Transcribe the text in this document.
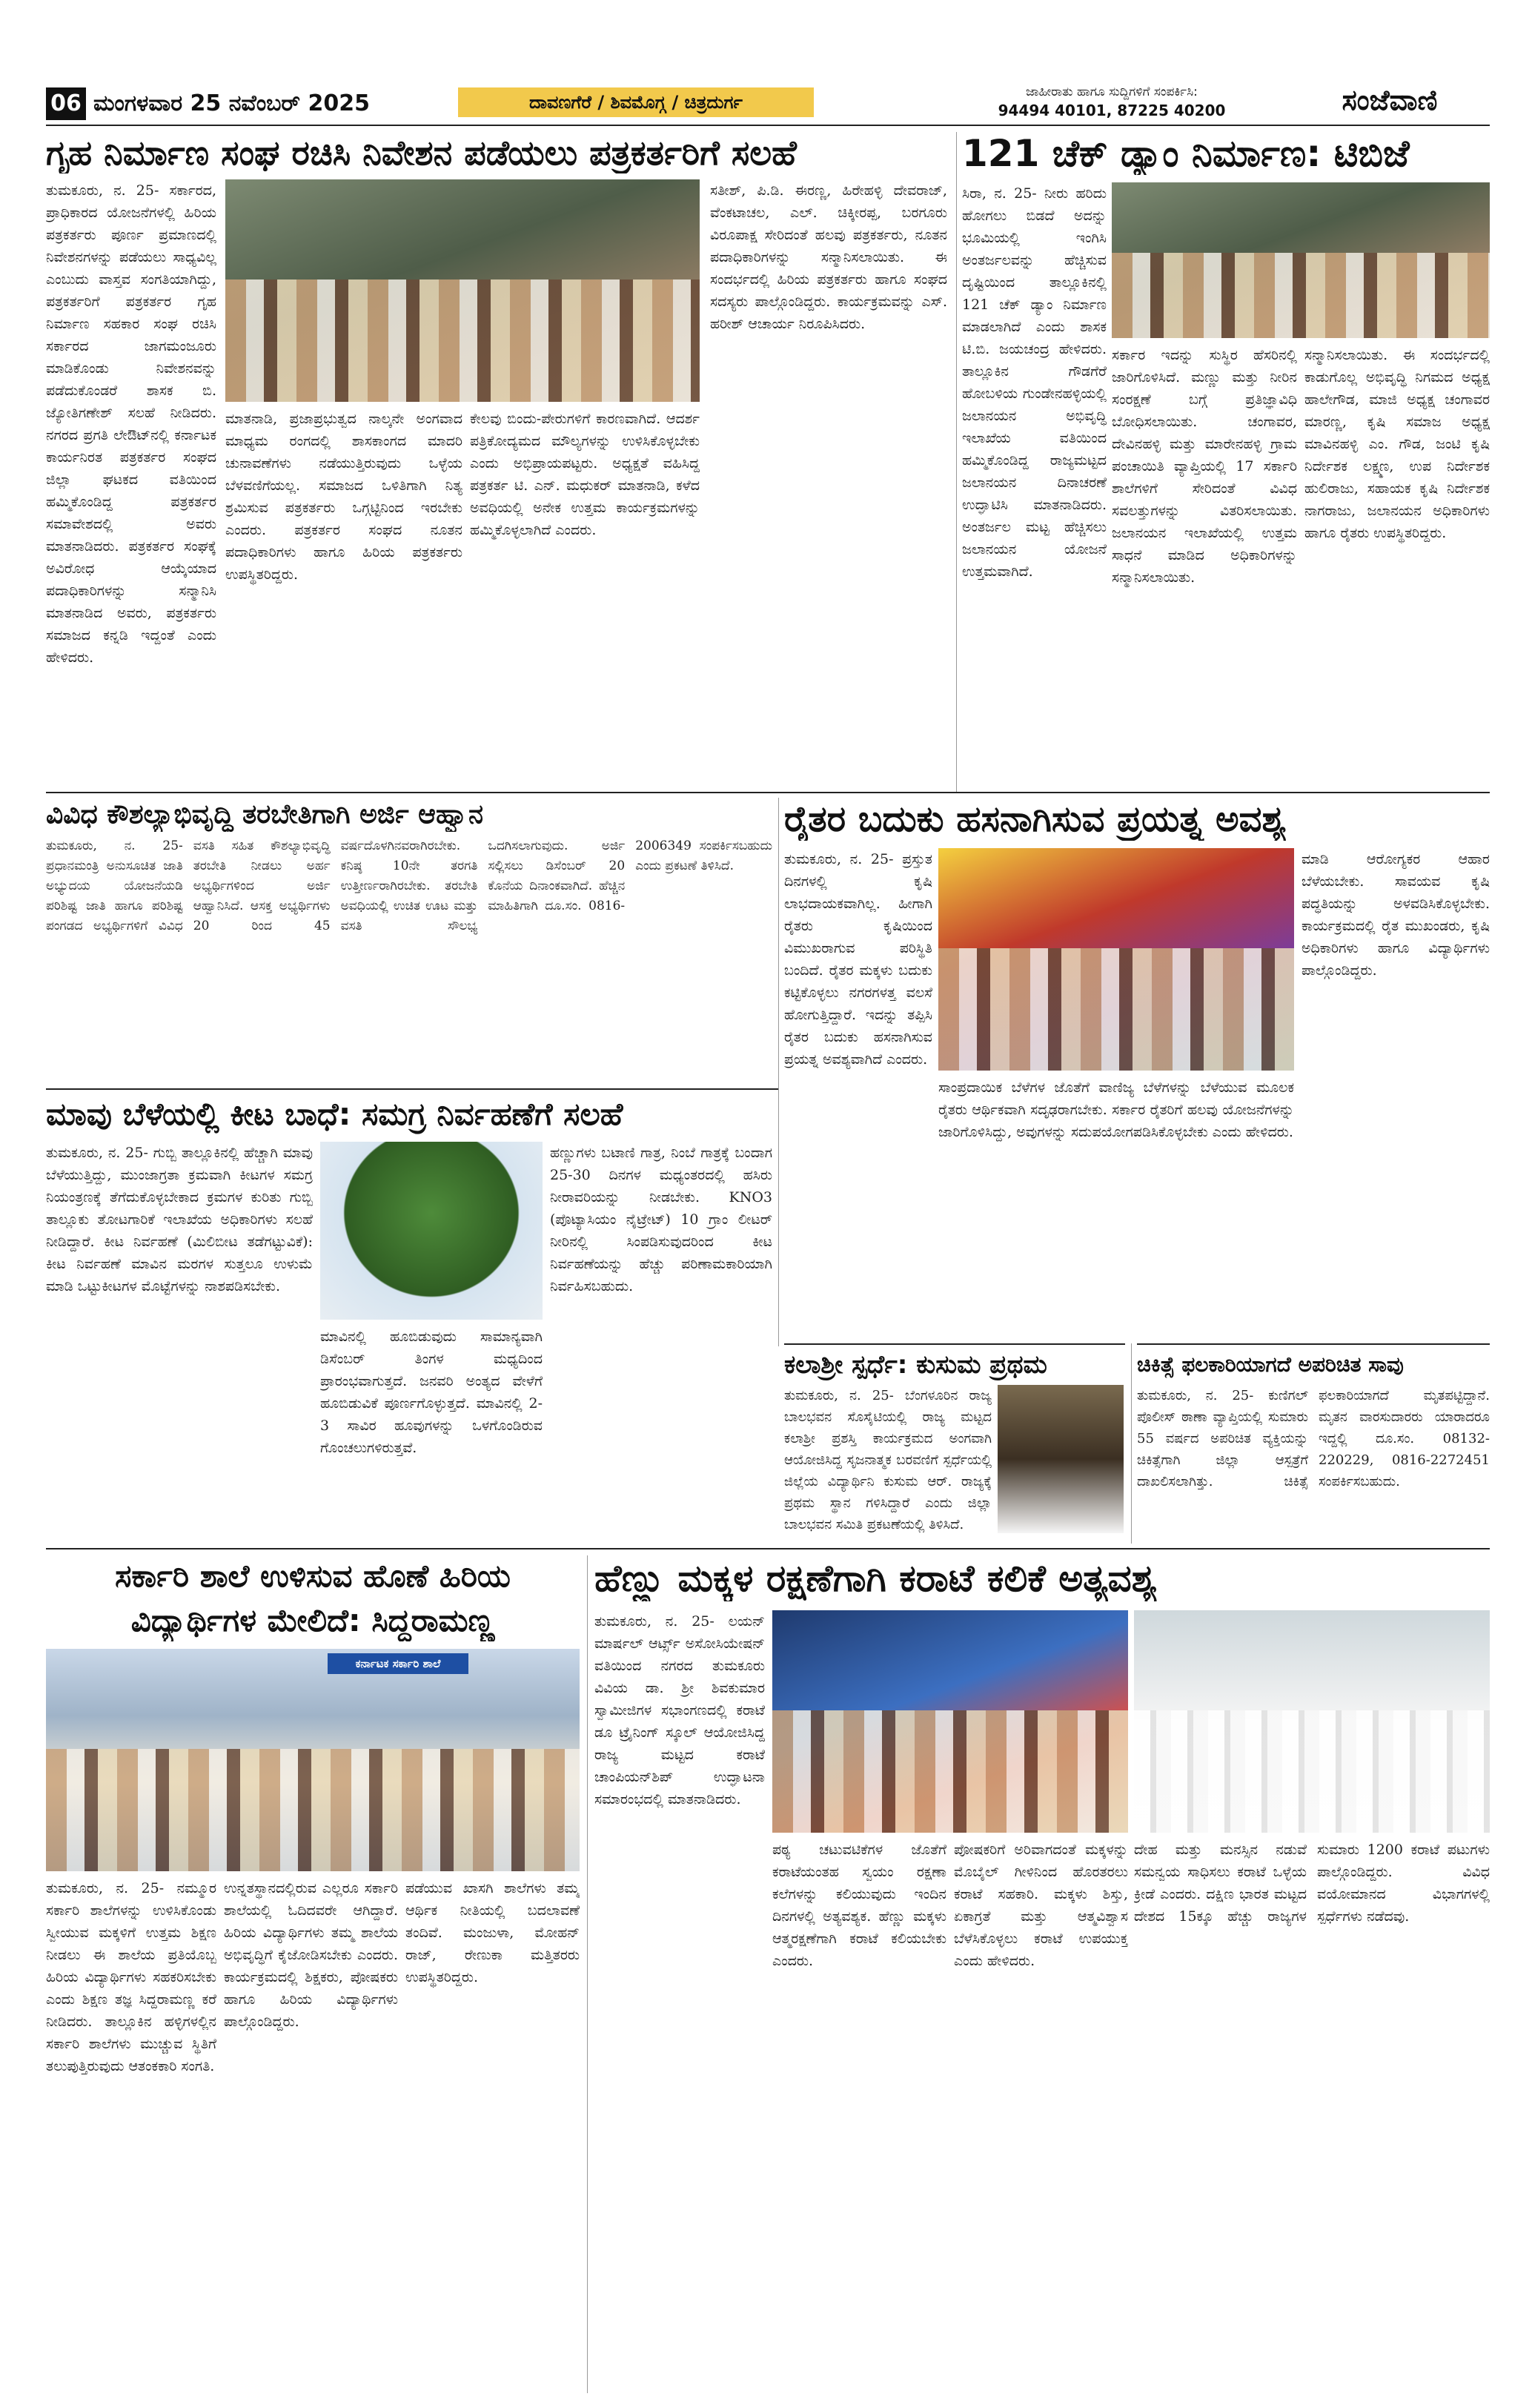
06 ಮಂಗಳವಾರ 25 ನವೆಂಬರ್ 2025	ದಾವಣಗೆರೆ / ಶಿವಮೊಗ್ಗ / ಚಿತ್ರದುರ್ಗ	ಜಾಹೀರಾತು ಹಾಗೂ ಸುದ್ದಿಗಳಿಗೆ ಸಂಪರ್ಕಿಸಿ:
94494 40101, 87225 40200	ಸಂಜೆವಾಣಿ
ಗೃಹ ನಿರ್ಮಾಣ ಸಂಘ ರಚಿಸಿ ನಿವೇಶನ ಪಡೆಯಲು ಪತ್ರಕರ್ತರಿಗೆ ಸಲಹೆ
ತುಮಕೂರು, ನ. 25- ಸರ್ಕಾರದ, ಪ್ರಾಧಿಕಾರದ ಯೋಜನೆಗಳಲ್ಲಿ ಹಿರಿಯ ಪತ್ರಕರ್ತರು ಪೂರ್ಣ ಪ್ರಮಾಣದಲ್ಲಿ ನಿವೇಶನಗಳನ್ನು ಪಡೆಯಲು ಸಾಧ್ಯವಿಲ್ಲ ಎಂಬುದು ವಾಸ್ತವ ಸಂಗತಿಯಾಗಿದ್ದು, ಪತ್ರಕರ್ತರಿಗೆ ಪತ್ರಕರ್ತರ ಗೃಹ ನಿರ್ಮಾಣ ಸಹಕಾರ ಸಂಘ ರಚಿಸಿ ಸರ್ಕಾರದ ಜಾಗಮಂಜೂರು ಮಾಡಿಕೊಂಡು ನಿವೇಶನವನ್ನು ಪಡೆದುಕೊಂಡರೆ ಶಾಸಕ ಬಿ. ಜ್ಯೋತಿಗಣೇಶ್ ಸಲಹೆ ನೀಡಿದರು. ನಗರದ ಪ್ರಗತಿ ಲೇಔಟ್‌ನಲ್ಲಿ ಕರ್ನಾಟಕ ಕಾರ್ಯನಿರತ ಪತ್ರಕರ್ತರ ಸಂಘದ ಜಿಲ್ಲಾ ಘಟಕದ ವತಿಯಿಂದ ಹಮ್ಮಿಕೊಂಡಿದ್ದ ಪತ್ರಕರ್ತರ ಸಮಾವೇಶದಲ್ಲಿ ಅವರು ಮಾತನಾಡಿದರು. ಪತ್ರಕರ್ತರ ಸಂಘಕ್ಕೆ ಅವಿರೋಧ ಆಯ್ಕೆಯಾದ ಪದಾಧಿಕಾರಿಗಳನ್ನು ಸನ್ಮಾನಿಸಿ ಮಾತನಾಡಿದ ಅವರು, ಪತ್ರಕರ್ತರು ಸಮಾಜದ ಕನ್ನಡಿ ಇದ್ದಂತೆ ಎಂದು ಹೇಳಿದರು.
ಮಾತನಾಡಿ, ಪ್ರಜಾಪ್ರಭುತ್ವದ ನಾಲ್ಕನೇ ಅಂಗವಾದ ಮಾಧ್ಯಮ ರಂಗದಲ್ಲಿ ಶಾಸಕಾಂಗದ ಮಾದರಿ ಚುನಾವಣೆಗಳು ನಡೆಯುತ್ತಿರುವುದು ಒಳ್ಳೆಯ ಬೆಳವಣಿಗೆಯಲ್ಲ. ಸಮಾಜದ ಒಳಿತಿಗಾಗಿ ನಿತ್ಯ ಶ್ರಮಿಸುವ ಪತ್ರಕರ್ತರು ಒಗ್ಗಟ್ಟಿನಿಂದ ಇರಬೇಕು ಎಂದರು. ಪತ್ರಕರ್ತರ ಸಂಘದ ನೂತನ ಪದಾಧಿಕಾರಿಗಳು ಹಾಗೂ ಹಿರಿಯ ಪತ್ರಕರ್ತರು ಉಪಸ್ಥಿತರಿದ್ದರು.
ಕೇಲವು ಬಿಂದು-ಪೇರುಗಳಿಗೆ ಕಾರಣವಾಗಿದೆ. ಆದರ್ಶ ಪತ್ರಿಕೋದ್ಯಮದ ಮೌಲ್ಯಗಳನ್ನು ಉಳಿಸಿಕೊಳ್ಳಬೇಕು ಎಂದು ಅಭಿಪ್ರಾಯಪಟ್ಟರು. ಅಧ್ಯಕ್ಷತೆ ವಹಿಸಿದ್ದ ಪತ್ರಕರ್ತ ಟಿ. ಎನ್. ಮಧುಕರ್ ಮಾತನಾಡಿ, ಕಳೆದ ಅವಧಿಯಲ್ಲಿ ಅನೇಕ ಉತ್ತಮ ಕಾರ್ಯಕ್ರಮಗಳನ್ನು ಹಮ್ಮಿಕೊಳ್ಳಲಾಗಿದೆ ಎಂದರು.
ಸತೀಶ್, ಪಿ.ಡಿ. ಈರಣ್ಣ, ಹಿರೇಹಳ್ಳಿ ದೇವರಾಜ್, ವೆಂಕಟಾಚಲ, ಎಲ್. ಚಿಕ್ಕೀರಪ್ಪ, ಬರಗೂರು ವಿರೂಪಾಕ್ಷ ಸೇರಿದಂತೆ ಹಲವು ಪತ್ರಕರ್ತರು, ನೂತನ ಪದಾಧಿಕಾರಿಗಳನ್ನು ಸನ್ಮಾನಿಸಲಾಯಿತು. ಈ ಸಂದರ್ಭದಲ್ಲಿ ಹಿರಿಯ ಪತ್ರಕರ್ತರು ಹಾಗೂ ಸಂಘದ ಸದಸ್ಯರು ಪಾಲ್ಗೊಂಡಿದ್ದರು. ಕಾರ್ಯಕ್ರಮವನ್ನು ಎಸ್. ಹರೀಶ್ ಆಚಾರ್ಯ ನಿರೂಪಿಸಿದರು.
121 ಚೆಕ್ ಡ್ಯಾಂ ನಿರ್ಮಾಣ: ಟಿಬಿಜೆ
ಸಿರಾ, ನ. 25- ನೀರು ಹರಿದು ಹೋಗಲು ಬಿಡದೆ ಅದನ್ನು ಭೂಮಿಯಲ್ಲಿ ಇಂಗಿಸಿ ಅಂತರ್ಜಲವನ್ನು ಹೆಚ್ಚಿಸುವ ದೃಷ್ಟಿಯಿಂದ ತಾಲ್ಲೂಕಿನಲ್ಲಿ 121 ಚೆಕ್ ಡ್ಯಾಂ ನಿರ್ಮಾಣ ಮಾಡಲಾಗಿದೆ ಎಂದು ಶಾಸಕ ಟಿ.ಬಿ. ಜಯಚಂದ್ರ ಹೇಳಿದರು. ತಾಲ್ಲೂಕಿನ ಗೌಡಗೆರೆ ಹೋಬಳಿಯ ಗುಂಡೇನಹಳ್ಳಿಯಲ್ಲಿ ಜಲಾನಯನ ಅಭಿವೃದ್ಧಿ ಇಲಾಖೆಯ ವತಿಯಿಂದ ಹಮ್ಮಿಕೊಂಡಿದ್ದ ರಾಜ್ಯಮಟ್ಟದ ಜಲಾನಯನ ದಿನಾಚರಣೆ ಉದ್ಘಾಟಿಸಿ ಮಾತನಾಡಿದರು. ಅಂತರ್ಜಲ ಮಟ್ಟ ಹೆಚ್ಚಿಸಲು ಜಲಾನಯನ ಯೋಜನೆ ಉತ್ತಮವಾಗಿದೆ.
ಸರ್ಕಾರ ಇದನ್ನು ಸುಸ್ಥಿರ ಹೆಸರಿನಲ್ಲಿ ಜಾರಿಗೊಳಿಸಿದೆ. ಮಣ್ಣು ಮತ್ತು ನೀರಿನ ಸಂರಕ್ಷಣೆ ಬಗ್ಗೆ ಪ್ರತಿಜ್ಞಾವಿಧಿ ಬೋಧಿಸಲಾಯಿತು. ಚಂಗಾವರ, ದೇವಿನಹಳ್ಳಿ ಮತ್ತು ಮಾರೇನಹಳ್ಳಿ ಗ್ರಾಮ ಪಂಚಾಯಿತಿ ವ್ಯಾಪ್ತಿಯಲ್ಲಿ 17 ಸರ್ಕಾರಿ ಶಾಲೆಗಳಿಗೆ ಸೇರಿದಂತೆ ವಿವಿಧ ಸವಲತ್ತುಗಳನ್ನು ವಿತರಿಸಲಾಯಿತು. ಜಲಾನಯನ ಇಲಾಖೆಯಲ್ಲಿ ಉತ್ತಮ ಸಾಧನೆ ಮಾಡಿದ ಅಧಿಕಾರಿಗಳನ್ನು ಸನ್ಮಾನಿಸಲಾಯಿತು.
ಸನ್ಮಾನಿಸಲಾಯಿತು. ಈ ಸಂದರ್ಭದಲ್ಲಿ ಕಾಡುಗೊಲ್ಲ ಅಭಿವೃದ್ಧಿ ನಿಗಮದ ಅಧ್ಯಕ್ಷ ಹಾಲೇಗೌಡ, ಮಾಜಿ ಅಧ್ಯಕ್ಷ ಚಂಗಾವರ ಮಾರಣ್ಣ, ಕೃಷಿ ಸಮಾಜ ಅಧ್ಯಕ್ಷ ಮಾವಿನಹಳ್ಳಿ ಎಂ. ಗೌಡ, ಜಂಟಿ ಕೃಷಿ ನಿರ್ದೇಶಕ ಲಕ್ಷ್ಮಣ, ಉಪ ನಿರ್ದೇಶಕ ಹುಲಿರಾಜು, ಸಹಾಯಕ ಕೃಷಿ ನಿರ್ದೇಶಕ ನಾಗರಾಜು, ಜಲಾನಯನ ಅಧಿಕಾರಿಗಳು ಹಾಗೂ ರೈತರು ಉಪಸ್ಥಿತರಿದ್ದರು.
ವಿವಿಧ ಕೌಶಲ್ಯಾಭಿವೃದ್ಧಿ ತರಬೇತಿಗಾಗಿ ಅರ್ಜಿ ಆಹ್ವಾನ
ತುಮಕೂರು, ನ. 25- ಪ್ರಧಾನಮಂತ್ರಿ ಅನುಸೂಚಿತ ಜಾತಿ ಅಭ್ಯುದಯ ಯೋಜನೆಯಡಿ ಪರಿಶಿಷ್ಟ ಜಾತಿ ಹಾಗೂ ಪರಿಶಿಷ್ಟ ಪಂಗಡದ ಅಭ್ಯರ್ಥಿಗಳಿಗೆ ವಿವಿಧ ವಸತಿ ಸಹಿತ ಕೌಶಲ್ಯಾಭಿವೃದ್ಧಿ ತರಬೇತಿ ನೀಡಲು ಅರ್ಹ ಅಭ್ಯರ್ಥಿಗಳಿಂದ ಅರ್ಜಿ ಆಹ್ವಾನಿಸಿದೆ. ಆಸಕ್ತ ಅಭ್ಯರ್ಥಿಗಳು 20 ರಿಂದ 45 ವರ್ಷದೊಳಗಿನವರಾಗಿರಬೇಕು. ಕನಿಷ್ಠ 10ನೇ ತರಗತಿ ಉತ್ತೀರ್ಣರಾಗಿರಬೇಕು. ತರಬೇತಿ ಅವಧಿಯಲ್ಲಿ ಉಚಿತ ಊಟ ಮತ್ತು ವಸತಿ ಸೌಲಭ್ಯ ಒದಗಿಸಲಾಗುವುದು. ಅರ್ಜಿ ಸಲ್ಲಿಸಲು ಡಿಸೆಂಬರ್ 20 ಕೊನೆಯ ದಿನಾಂಕವಾಗಿದೆ. ಹೆಚ್ಚಿನ ಮಾಹಿತಿಗಾಗಿ ದೂ.ಸಂ. 0816-2006349 ಸಂಪರ್ಕಿಸಬಹುದು ಎಂದು ಪ್ರಕಟಣೆ ತಿಳಿಸಿದೆ.
ರೈತರ ಬದುಕು ಹಸನಾಗಿಸುವ ಪ್ರಯತ್ನ ಅವಶ್ಯ
ತುಮಕೂರು, ನ. 25- ಪ್ರಸ್ತುತ ದಿನಗಳಲ್ಲಿ ಕೃಷಿ ಲಾಭದಾಯಕವಾಗಿಲ್ಲ. ಹೀಗಾಗಿ ರೈತರು ಕೃಷಿಯಿಂದ ವಿಮುಖರಾಗುವ ಪರಿಸ್ಥಿತಿ ಬಂದಿದೆ. ರೈತರ ಮಕ್ಕಳು ಬದುಕು ಕಟ್ಟಿಕೊಳ್ಳಲು ನಗರಗಳತ್ತ ವಲಸೆ ಹೋಗುತ್ತಿದ್ದಾರೆ. ಇದನ್ನು ತಪ್ಪಿಸಿ ರೈತರ ಬದುಕು ಹಸನಾಗಿಸುವ ಪ್ರಯತ್ನ ಅವಶ್ಯವಾಗಿದೆ ಎಂದರು.
ಸಾಂಪ್ರದಾಯಿಕ ಬೆಳೆಗಳ ಜೊತೆಗೆ ವಾಣಿಜ್ಯ ಬೆಳೆಗಳನ್ನು ಬೆಳೆಯುವ ಮೂಲಕ ರೈತರು ಆರ್ಥಿಕವಾಗಿ ಸದೃಢರಾಗಬೇಕು. ಸರ್ಕಾರ ರೈತರಿಗೆ ಹಲವು ಯೋಜನೆಗಳನ್ನು ಜಾರಿಗೊಳಿಸಿದ್ದು, ಅವುಗಳನ್ನು ಸದುಪಯೋಗಪಡಿಸಿಕೊಳ್ಳಬೇಕು ಎಂದು ಹೇಳಿದರು.
ಮಾಡಿ ಆರೋಗ್ಯಕರ ಆಹಾರ ಬೆಳೆಯಬೇಕು. ಸಾವಯವ ಕೃಷಿ ಪದ್ಧತಿಯನ್ನು ಅಳವಡಿಸಿಕೊಳ್ಳಬೇಕು. ಕಾರ್ಯಕ್ರಮದಲ್ಲಿ ರೈತ ಮುಖಂಡರು, ಕೃಷಿ ಅಧಿಕಾರಿಗಳು ಹಾಗೂ ವಿದ್ಯಾರ್ಥಿಗಳು ಪಾಲ್ಗೊಂಡಿದ್ದರು.
ಮಾವು ಬೆಳೆಯಲ್ಲಿ ಕೀಟ ಬಾಧೆ: ಸಮಗ್ರ ನಿರ್ವಹಣೆಗೆ ಸಲಹೆ
ತುಮಕೂರು, ನ. 25- ಗುಬ್ಬಿ ತಾಲ್ಲೂಕಿನಲ್ಲಿ ಹೆಚ್ಚಾಗಿ ಮಾವು ಬೆಳೆಯುತ್ತಿದ್ದು, ಮುಂಜಾಗ್ರತಾ ಕ್ರಮವಾಗಿ ಕೀಟಗಳ ಸಮಗ್ರ ನಿಯಂತ್ರಣಕ್ಕೆ ತೆಗೆದುಕೊಳ್ಳಬೇಕಾದ ಕ್ರಮಗಳ ಕುರಿತು ಗುಬ್ಬಿ ತಾಲ್ಲೂಕು ತೋಟಗಾರಿಕೆ ಇಲಾಖೆಯ ಅಧಿಕಾರಿಗಳು ಸಲಹೆ ನೀಡಿದ್ದಾರೆ. ಕೀಟ ನಿರ್ವಹಣೆ (ಮಿಲಿಬೀಟ ತಡೆಗಟ್ಟುವಿಕೆ): ಕೀಟ ನಿರ್ವಹಣೆ ಮಾವಿನ ಮರಗಳ ಸುತ್ತಲೂ ಉಳುಮೆ ಮಾಡಿ ಒಟ್ಟುಕೀಟಗಳ ಮೊಟ್ಟೆಗಳನ್ನು ನಾಶಪಡಿಸಬೇಕು.
ಮಾವಿನಲ್ಲಿ ಹೂಬಿಡುವುದು ಸಾಮಾನ್ಯವಾಗಿ ಡಿಸೆಂಬರ್ ತಿಂಗಳ ಮಧ್ಯದಿಂದ ಪ್ರಾರಂಭವಾಗುತ್ತದೆ. ಜನವರಿ ಅಂತ್ಯದ ವೇಳೆಗೆ ಹೂಬಿಡುವಿಕೆ ಪೂರ್ಣಗೊಳ್ಳುತ್ತದೆ. ಮಾವಿನಲ್ಲಿ 2-3 ಸಾವಿರ ಹೂವುಗಳನ್ನು ಒಳಗೊಂಡಿರುವ ಗೊಂಚಲುಗಳಿರುತ್ತವೆ.
ಹಣ್ಣುಗಳು ಬಟಾಣಿ ಗಾತ್ರ, ನಿಂಬೆ ಗಾತ್ರಕ್ಕೆ ಬಂದಾಗ 25-30 ದಿನಗಳ ಮಧ್ಯಂತರದಲ್ಲಿ ಹಸಿರು ನೀರಾವರಿಯನ್ನು ನೀಡಬೇಕು. KNO3 (ಪೊಟ್ಯಾಸಿಯಂ ನೈಟ್ರೇಟ್) 10 ಗ್ರಾಂ ಲೀಟರ್ ನೀರಿನಲ್ಲಿ ಸಿಂಪಡಿಸುವುದರಿಂದ ಕೀಟ ನಿರ್ವಹಣೆಯನ್ನು ಹೆಚ್ಚು ಪರಿಣಾಮಕಾರಿಯಾಗಿ ನಿರ್ವಹಿಸಬಹುದು.
ಕಲಾಶ್ರೀ ಸ್ಪರ್ಧೆ: ಕುಸುಮ ಪ್ರಥಮ
ತುಮಕೂರು, ನ. 25- ಬೆಂಗಳೂರಿನ ರಾಜ್ಯ ಬಾಲಭವನ ಸೊಸೈಟಿಯಲ್ಲಿ ರಾಜ್ಯ ಮಟ್ಟದ ಕಲಾಶ್ರೀ ಪ್ರಶಸ್ತಿ ಕಾರ್ಯಕ್ರಮದ ಅಂಗವಾಗಿ ಆಯೋಜಿಸಿದ್ದ ಸೃಜನಾತ್ಮಕ ಬರವಣಿಗೆ ಸ್ಪರ್ಧೆಯಲ್ಲಿ ಜಿಲ್ಲೆಯ ವಿದ್ಯಾರ್ಥಿನಿ ಕುಸುಮ ಆರ್. ರಾಜ್ಯಕ್ಕೆ ಪ್ರಥಮ ಸ್ಥಾನ ಗಳಿಸಿದ್ದಾರೆ ಎಂದು ಜಿಲ್ಲಾ ಬಾಲಭವನ ಸಮಿತಿ ಪ್ರಕಟಣೆಯಲ್ಲಿ ತಿಳಿಸಿದೆ.
ಚಿಕಿತ್ಸೆ ಫಲಕಾರಿಯಾಗದೆ ಅಪರಿಚಿತ ಸಾವು
ತುಮಕೂರು, ನ. 25- ಕುಣಿಗಲ್ ಪೊಲೀಸ್ ಠಾಣಾ ವ್ಯಾಪ್ತಿಯಲ್ಲಿ ಸುಮಾರು 55 ವರ್ಷದ ಅಪರಿಚಿತ ವ್ಯಕ್ತಿಯನ್ನು ಚಿಕಿತ್ಸೆಗಾಗಿ ಜಿಲ್ಲಾ ಆಸ್ಪತ್ರೆಗೆ ದಾಖಲಿಸಲಾಗಿತ್ತು. ಚಿಕಿತ್ಸೆ ಫಲಕಾರಿಯಾಗದೆ ಮೃತಪಟ್ಟಿದ್ದಾನೆ. ಮೃತನ ವಾರಸುದಾರರು ಯಾರಾದರೂ ಇದ್ದಲ್ಲಿ ದೂ.ಸಂ. 08132-220229, 0816-2272451 ಸಂಪರ್ಕಿಸಬಹುದು.
ಸರ್ಕಾರಿ ಶಾಲೆ ಉಳಿಸುವ ಹೊಣೆ ಹಿರಿಯ
ವಿದ್ಯಾರ್ಥಿಗಳ ಮೇಲಿದೆ: ಸಿದ್ದರಾಮಣ್ಣ
ಕರ್ನಾಟಕ ಸರ್ಕಾರಿ ಶಾಲೆ
ತುಮಕೂರು, ನ. 25- ನಮ್ಮೂರ ಸರ್ಕಾರಿ ಶಾಲೆಗಳನ್ನು ಉಳಿಸಿಕೊಂಡು ಸ್ವೀಯುವ ಮಕ್ಕಳಿಗೆ ಉತ್ತಮ ಶಿಕ್ಷಣ ನೀಡಲು ಈ ಶಾಲೆಯ ಪ್ರತಿಯೊಬ್ಬ ಹಿರಿಯ ವಿದ್ಯಾರ್ಥಿಗಳು ಸಹಕರಿಸಬೇಕು ಎಂದು ಶಿಕ್ಷಣ ತಜ್ಞ ಸಿದ್ದರಾಮಣ್ಣ ಕರೆ ನೀಡಿದರು. ತಾಲ್ಲೂಕಿನ ಹಳ್ಳಿಗಳಲ್ಲಿನ ಸರ್ಕಾರಿ ಶಾಲೆಗಳು ಮುಚ್ಚುವ ಸ್ಥಿತಿಗೆ ತಲುಪುತ್ತಿರುವುದು ಆತಂಕಕಾರಿ ಸಂಗತಿ.
ಉನ್ನತಸ್ಥಾನದಲ್ಲಿರುವ ಎಲ್ಲರೂ ಸರ್ಕಾರಿ ಶಾಲೆಯಲ್ಲಿ ಓದಿದವರೇ ಆಗಿದ್ದಾರೆ. ಹಿರಿಯ ವಿದ್ಯಾರ್ಥಿಗಳು ತಮ್ಮ ಶಾಲೆಯ ಅಭಿವೃದ್ಧಿಗೆ ಕೈಜೋಡಿಸಬೇಕು ಎಂದರು. ಕಾರ್ಯಕ್ರಮದಲ್ಲಿ ಶಿಕ್ಷಕರು, ಪೋಷಕರು ಹಾಗೂ ಹಿರಿಯ ವಿದ್ಯಾರ್ಥಿಗಳು ಪಾಲ್ಗೊಂಡಿದ್ದರು.
ಪಡೆಯುವ ಖಾಸಗಿ ಶಾಲೆಗಳು ತಮ್ಮ ಆರ್ಥಿಕ ನೀತಿಯಲ್ಲಿ ಬದಲಾವಣೆ ತಂದಿವೆ. ಮಂಜುಳಾ, ಮೋಹನ್ ರಾಜ್, ರೇಣುಕಾ ಮತ್ತಿತರರು ಉಪಸ್ಥಿತರಿದ್ದರು.
ಹೆಣ್ಣು ಮಕ್ಕಳ ರಕ್ಷಣೆಗಾಗಿ ಕರಾಟೆ ಕಲಿಕೆ ಅತ್ಯವಶ್ಯ
ತುಮಕೂರು, ನ. 25- ಲಯನ್ ಮಾರ್ಷಲ್ ಆರ್ಟ್ಸ್ ಅಸೋಸಿಯೇಷನ್ ವತಿಯಿಂದ ನಗರದ ತುಮಕೂರು ವಿವಿಯ ಡಾ. ಶ್ರೀ ಶಿವಕುಮಾರ ಸ್ವಾಮೀಜಿಗಳ ಸಭಾಂಗಣದಲ್ಲಿ ಕರಾಟೆ ಡೂ ಟ್ರೈನಿಂಗ್ ಸ್ಕೂಲ್ ಆಯೋಜಿಸಿದ್ದ ರಾಜ್ಯ ಮಟ್ಟದ ಕರಾಟೆ ಚಾಂಪಿಯನ್‌ಶಿಪ್ ಉದ್ಘಾಟನಾ ಸಮಾರಂಭದಲ್ಲಿ ಮಾತನಾಡಿದರು.
ಪಠ್ಯ ಚಟುವಟಿಕೆಗಳ ಜೊತೆಗೆ ಕರಾಟೆಯಂತಹ ಸ್ವಯಂ ರಕ್ಷಣಾ ಕಲೆಗಳನ್ನು ಕಲಿಯುವುದು ಇಂದಿನ ದಿನಗಳಲ್ಲಿ ಅತ್ಯವಶ್ಯಕ. ಹೆಣ್ಣು ಮಕ್ಕಳು ಆತ್ಮರಕ್ಷಣೆಗಾಗಿ ಕರಾಟೆ ಕಲಿಯಬೇಕು ಎಂದರು.
ಪೋಷಕರಿಗೆ ಅರಿವಾಗದಂತೆ ಮಕ್ಕಳನ್ನು ಮೊಬೈಲ್ ಗೀಳಿನಿಂದ ಹೊರತರಲು ಕರಾಟೆ ಸಹಕಾರಿ. ಮಕ್ಕಳು ಶಿಸ್ತು, ಏಕಾಗ್ರತೆ ಮತ್ತು ಆತ್ಮವಿಶ್ವಾಸ ಬೆಳೆಸಿಕೊಳ್ಳಲು ಕರಾಟೆ ಉಪಯುಕ್ತ ಎಂದು ಹೇಳಿದರು.
ದೇಹ ಮತ್ತು ಮನಸ್ಸಿನ ನಡುವೆ ಸಮನ್ವಯ ಸಾಧಿಸಲು ಕರಾಟೆ ಒಳ್ಳೆಯ ಕ್ರೀಡೆ ಎಂದರು. ದಕ್ಷಿಣ ಭಾರತ ಮಟ್ಟದ ದೇಶದ 15ಕ್ಕೂ ಹೆಚ್ಚು ರಾಜ್ಯಗಳ ಸುಮಾರು 1200 ಕರಾಟೆ ಪಟುಗಳು ಪಾಲ್ಗೊಂಡಿದ್ದರು. ವಿವಿಧ ವಯೋಮಾನದ ವಿಭಾಗಗಳಲ್ಲಿ ಸ್ಪರ್ಧೆಗಳು ನಡೆದವು.
